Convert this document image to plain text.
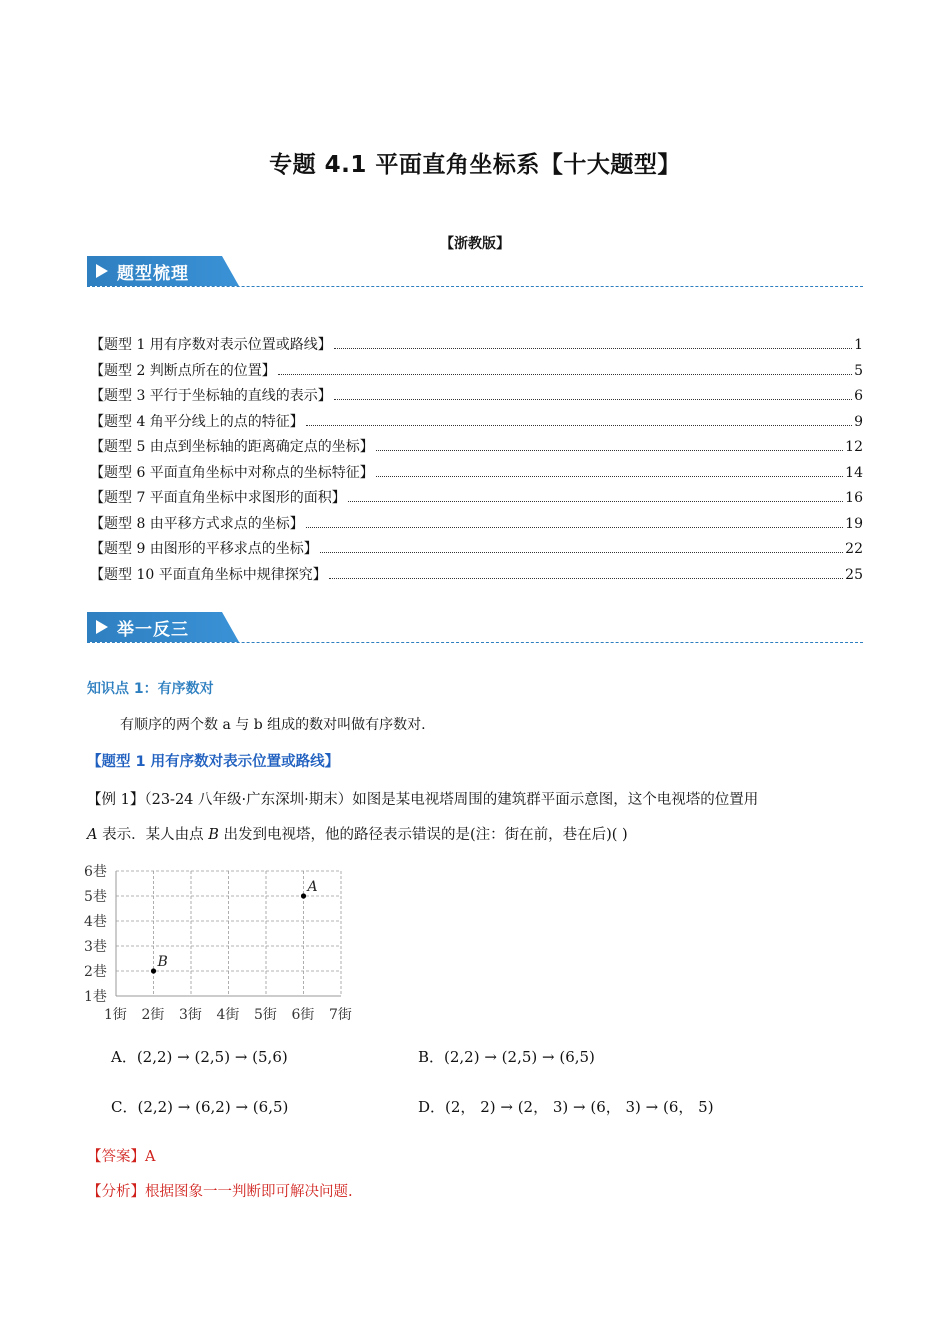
专题 4.1 平面直角坐标系【十大题型】
【浙教版】
题型梳理
【题型 1 用有序数对表示位置或路线】	1
【题型 2 判断点所在的位置】	5
【题型 3 平行于坐标轴的直线的表示】	6
【题型 4 角平分线上的点的特征】	9
【题型 5 由点到坐标轴的距离确定点的坐标】	12
【题型 6 平面直角坐标中对称点的坐标特征】	14
【题型 7 平面直角坐标中求图形的面积】	16
【题型 8 由平移方式求点的坐标】	19
【题型 9 由图形的平移求点的坐标】	22
【题型 10 平面直角坐标中规律探究】	25
举一反三
知识点 1：有序数对
有顺序的两个数 a 与 b 组成的数对叫做有序数对.
【题型 1 用有序数对表示位置或路线】
【例 1】（23-24 八年级·广东深圳·期末）如图是某电视塔周围的建筑群平面示意图，这个电视塔的位置用
A 表示．某人由点 B 出发到电视塔，他的路径表示错误的是(注：街在前，巷在后)( )
1巷
2巷
3巷
4巷
5巷
6巷
1街 2街 3街 4街 5街 6街 7街
A
B
A．(2,2) → (2,5) → (5,6)	B．(2,2) → (2,5) → (6,5)
C．(2,2) → (6,2) → (6,5)	D．(2， 2) → (2， 3) → (6， 3) → (6， 5)
【答案】A
【分析】根据图象一一判断即可解决问题.
